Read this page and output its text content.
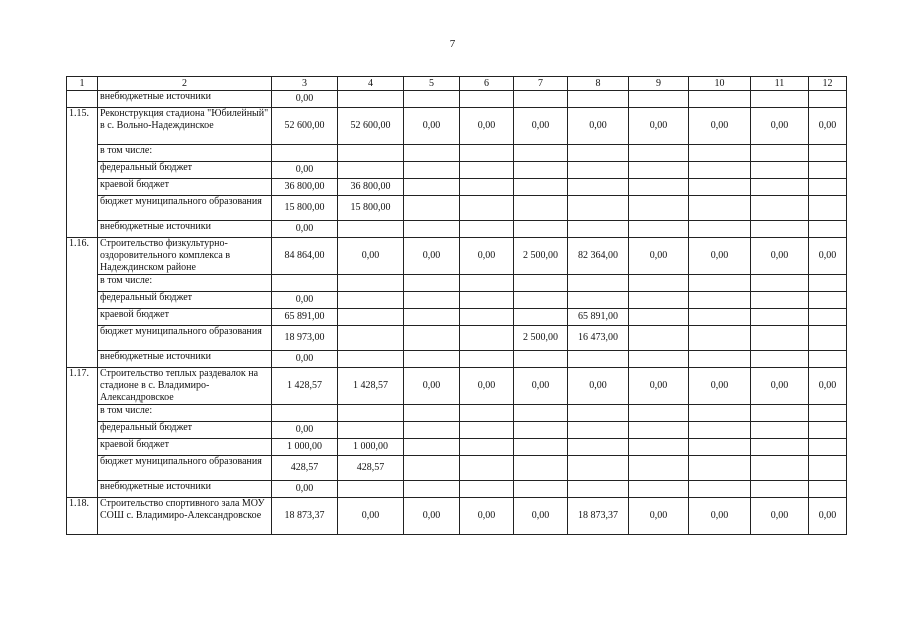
7
1	2	3	4	5	6	7	8	9	10	11	12
	внебюджетные источники	0,00									
1.15.	Реконструкция стадиона "Юбилейный" в с. Вольно-Надеждинское	52 600,00	52 600,00	0,00	0,00	0,00	0,00	0,00	0,00	0,00	0,00
	в том числе:										
	федеральный бюджет	0,00									
	краевой бюджет	36 800,00	36 800,00								
	бюджет муниципального образования	15 800,00	15 800,00								
	внебюджетные источники	0,00									
1.16.	Строительство физкультурно-оздоровительного комплекса в Надеждинском районе	84 864,00	0,00	0,00	0,00	2 500,00	82 364,00	0,00	0,00	0,00	0,00
	в том числе:										
	федеральный бюджет	0,00									
	краевой бюджет	65 891,00					65 891,00				
	бюджет муниципального образования	18 973,00				2 500,00	16 473,00				
	внебюджетные источники	0,00									
1.17.	Строительство теплых раздевалок на стадионе в с. Владимиро-Александровское	1 428,57	1 428,57	0,00	0,00	0,00	0,00	0,00	0,00	0,00	0,00
	в том числе:										
	федеральный бюджет	0,00									
	краевой бюджет	1 000,00	1 000,00								
	бюджет муниципального образования	428,57	428,57								
	внебюджетные источники	0,00									
1.18.	Строительство спортивного зала МОУ СОШ с. Владимиро-Александровское	18 873,37	0,00	0,00	0,00	0,00	18 873,37	0,00	0,00	0,00	0,00
